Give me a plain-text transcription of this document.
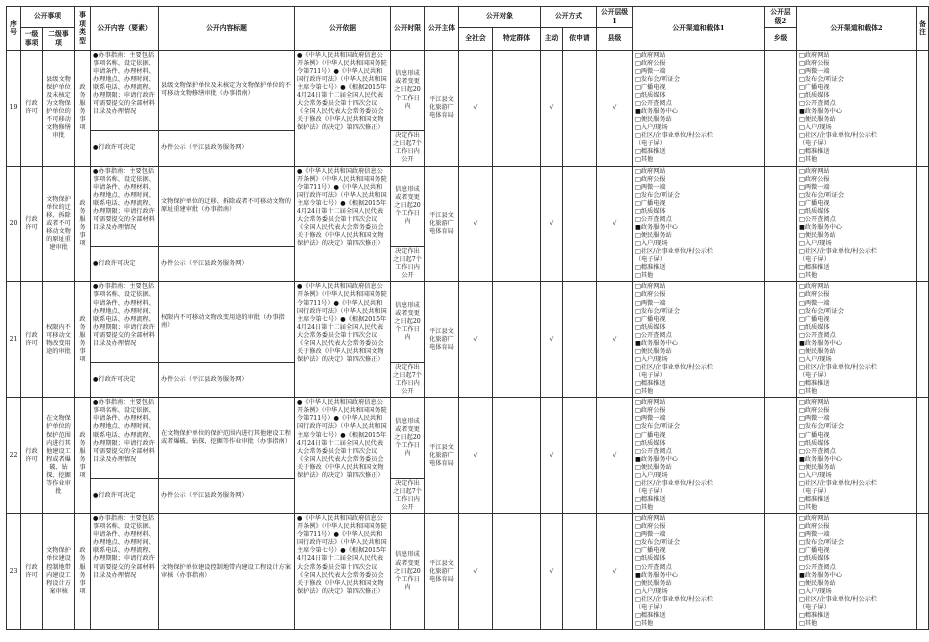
序号	公开事项		事项类型	公开内容（要素）	公开内容标题	公开依据	公开时限	公开主体	公开对象		公开方式		公开层级1	公开渠道和载体1	公开层级2	公开渠道和载体2	备注
	一级事项	二级事项							全社会	特定群体	主动	依申请	县级		乡级		
19	行政许可	县级文物保护单位及未核定为文物保护单位的不可移动文物修缮审批	政务服务事项	●办事指南：主要包括事项名称、设定依据、申请条件、办理材料、办理地点、办理时间、联系电话、办理流程、办理期限；申请行政许可需要提交的全部材料目录及办理情况	县级文物保护单位及未核定为文物保护单位的不可移动文物修缮审批（办事指南）	●《中华人民共和国政府信息公开条例》（中华人民共和国国务院令第711号）●《中华人民共和国行政许可法》（中华人民共和国主席令第七号）●《根据2015年4月24日第十二届全国人民代表大会常务委员会第十四次会议《全国人民代表大会常务委员会关于修改《中华人民共和国文物保护法》的决定》第四次修正）	信息形成或者变更之日起20个工作日内	平江县文化旅游广电体育局	√		√		√	□政府网站□政府公报□两微一端□发布会/听证会□广播电视□纸质媒体□公开查阅点■政务服务中心□便民服务站□入户/现场□社区/企事业单位/村公示栏（电子屏）□精准推送□其他		□政府网站□政府公报□两微一端□发布会/听证会□广播电视□纸质媒体□公开查阅点■政务服务中心□便民服务站□入户/现场□社区/企事业单位/村公示栏（电子屏）□精准推送□其他	
				●行政许可决定	办件公示（平江县政务服务网）		决定作出之日起7个工作日内公开										
20	行政许可	文物保护单位的迁移、拆除或者不可移动文物的原址重建审批	政务服务事项	●办事指南：主要包括事项名称、设定依据、申请条件、办理材料、办理地点、办理时间、联系电话、办理流程、办理期限；申请行政许可需要提交的全部材料目录及办理情况	文物保护单位的迁移、拆除或者不可移动文物的原址重建审批（办事指南）	●《中华人民共和国政府信息公开条例》（中华人民共和国国务院令第711号）●《中华人民共和国行政许可法》（中华人民共和国主席令第七号）●《根据2015年4月24日第十二届全国人民代表大会常务委员会第十四次会议《全国人民代表大会常务委员会关于修改《中华人民共和国文物保护法》的决定》第四次修正）	信息形成或者变更之日起20个工作日内	平江县文化旅游广电体育局	√		√		√	□政府网站□政府公报□两微一端□发布会/听证会□广播电视□纸质媒体□公开查阅点■政务服务中心□便民服务站□入户/现场□社区/企事业单位/村公示栏（电子屏）□精准推送□其他		□政府网站□政府公报□两微一端□发布会/听证会□广播电视□纸质媒体□公开查阅点■政务服务中心□便民服务站□入户/现场□社区/企事业单位/村公示栏（电子屏）□精准推送□其他	
				●行政许可决定	办件公示（平江县政务服务网）		决定作出之日起7个工作日内公开										
21	行政许可	权限内不可移动文物改变用途的审批	政务服务事项	●办事指南：主要包括事项名称、设定依据、申请条件、办理材料、办理地点、办理时间、联系电话、办理流程、办理期限；申请行政许可需要提交的全部材料目录及办理情况	权限内不可移动文物改变用途的审批（办事指南）	●《中华人民共和国政府信息公开条例》（中华人民共和国国务院令第711号）●《中华人民共和国行政许可法》（中华人民共和国主席令第七号）●《根据2015年4月24日第十二届全国人民代表大会常务委员会第十四次会议《全国人民代表大会常务委员会关于修改《中华人民共和国文物保护法》的决定》第四次修正）	信息形成或者变更之日起20个工作日内	平江县文化旅游广电体育局	√		√		√	□政府网站□政府公报□两微一端□发布会/听证会□广播电视□纸质媒体□公开查阅点■政务服务中心□便民服务站□入户/现场□社区/企事业单位/村公示栏（电子屏）□精准推送□其他		□政府网站□政府公报□两微一端□发布会/听证会□广播电视□纸质媒体□公开查阅点■政务服务中心□便民服务站□入户/现场□社区/企事业单位/村公示栏（电子屏）□精准推送□其他	
				●行政许可决定	办件公示（平江县政务服务网）		决定作出之日起7个工作日内公开										
22	行政许可	在文物保护单位的保护范围内进行其他建设工程或者爆破、钻探、挖掘等作业审批	政务服务事项	●办事指南：主要包括事项名称、设定依据、申请条件、办理材料、办理地点、办理时间、联系电话、办理流程、办理期限；申请行政许可需要提交的全部材料目录及办理情况	在文物保护单位的保护范围内进行其他建设工程或者爆破、钻探、挖掘等作业审批（办事指南）	●《中华人民共和国政府信息公开条例》（中华人民共和国国务院令第711号）●《中华人民共和国行政许可法》（中华人民共和国主席令第七号）●《根据2015年4月24日第十二届全国人民代表大会常务委员会第十四次会议《全国人民代表大会常务委员会关于修改《中华人民共和国文物保护法》的决定》第四次修正）	信息形成或者变更之日起20个工作日内	平江县文化旅游广电体育局	√		√		√	□政府网站□政府公报□两微一端□发布会/听证会□广播电视□纸质媒体□公开查阅点■政务服务中心□便民服务站□入户/现场□社区/企事业单位/村公示栏（电子屏）□精准推送□其他		□政府网站□政府公报□两微一端□发布会/听证会□广播电视□纸质媒体□公开查阅点■政务服务中心□便民服务站□入户/现场□社区/企事业单位/村公示栏（电子屏）□精准推送□其他	
				●行政许可决定	办件公示（平江县政务服务网）		决定作出之日起7个工作日内公开										
23	行政许可	文物保护单位建设控制地带内建设工程设计方案审核	政务服务事项	●办事指南：主要包括事项名称、设定依据、申请条件、办理材料、办理地点、办理时间、联系电话、办理流程、办理期限；申请行政许可需要提交的全部材料目录及办理情况	文物保护单位建设控制地带内建设工程设计方案审核（办事指南）	●《中华人民共和国政府信息公开条例》（中华人民共和国国务院令第711号）●《中华人民共和国行政许可法》（中华人民共和国主席令第七号）●《根据2015年4月24日第十二届全国人民代表大会常务委员会第十四次会议《全国人民代表大会常务委员会关于修改《中华人民共和国文物保护法》的决定》第四次修正）	信息形成或者变更之日起20个工作日内	平江县文化旅游广电体育局	√		√		√	□政府网站□政府公报□两微一端□发布会/听证会□广播电视□纸质媒体□公开查阅点■政务服务中心□便民服务站□入户/现场□社区/企事业单位/村公示栏（电子屏）□精准推送□其他		□政府网站□政府公报□两微一端□发布会/听证会□广播电视□纸质媒体□公开查阅点■政务服务中心□便民服务站□入户/现场□社区/企事业单位/村公示栏（电子屏）□精准推送□其他	
